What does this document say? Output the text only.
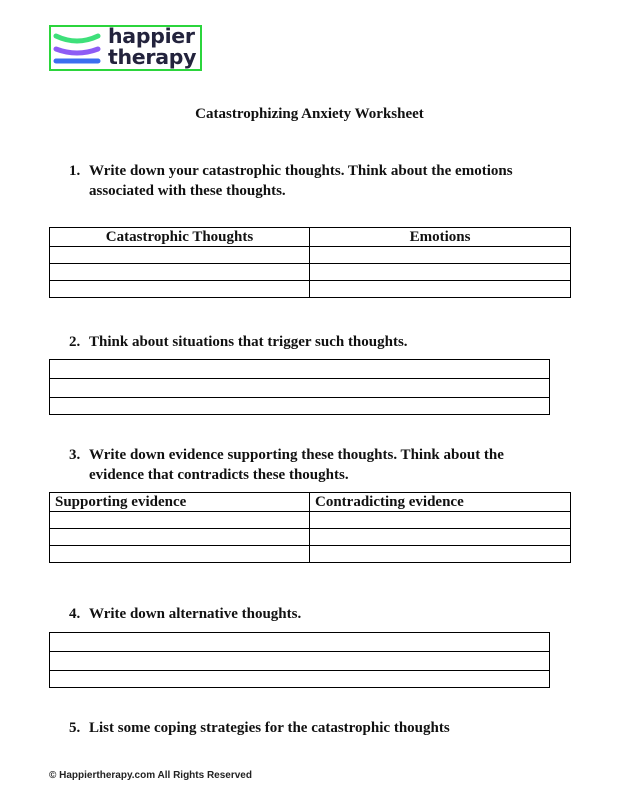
happier
therapy
Catastrophizing Anxiety Worksheet
1. Write down your catastrophic thoughts. Think about the emotions associated with these thoughts.
Catastrophic Thoughts	Emotions

2. Think about situations that trigger such thoughts.

3. Write down evidence supporting these thoughts. Think about the evidence that contradicts these thoughts.
Supporting evidence	Contradicting evidence

4. Write down alternative thoughts.

5. List some coping strategies for the catastrophic thoughts
© Happiertherapy.com All Rights Reserved
